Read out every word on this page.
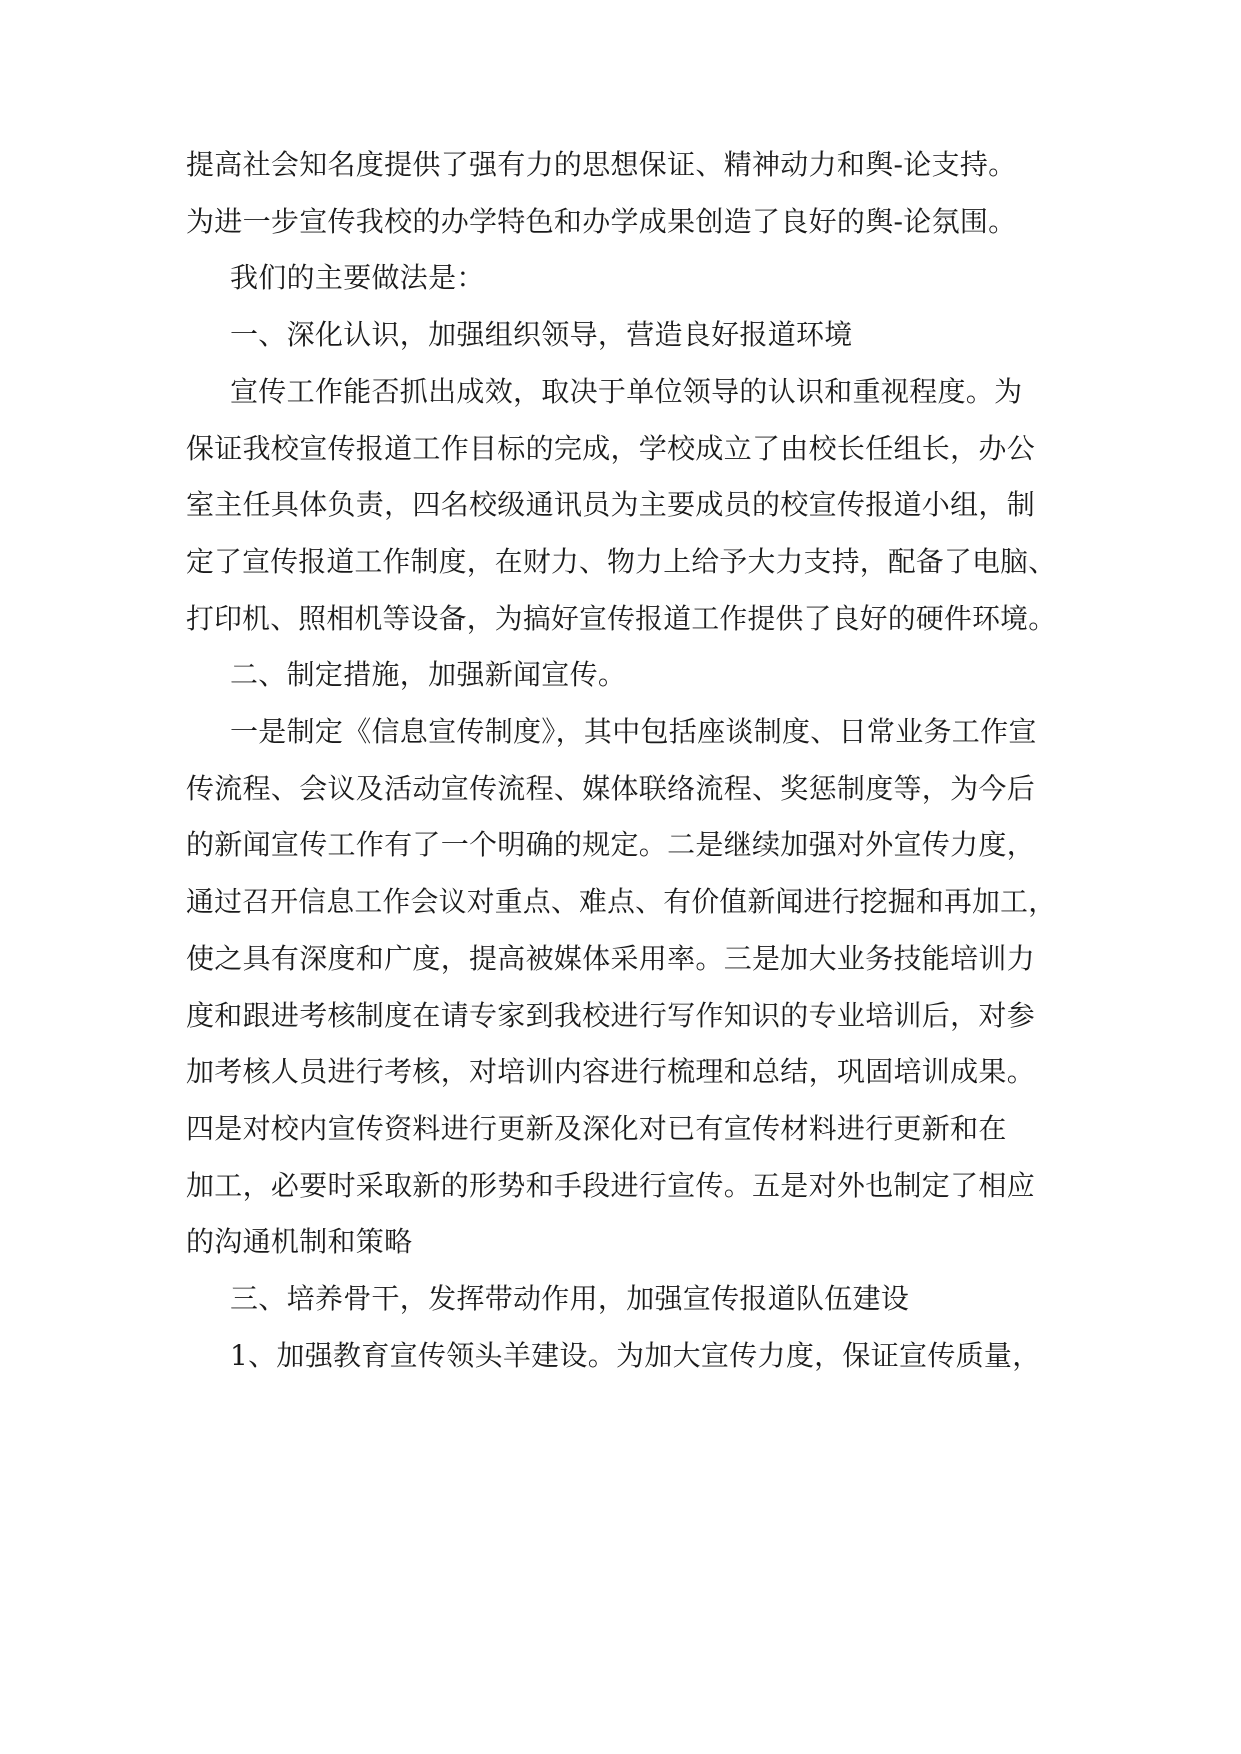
提高社会知名度提供了强有力的思想保证、精神动力和舆-论支持。
为进一步宣传我校的办学特色和办学成果创造了良好的舆-论氛围。
我们的主要做法是：
一、深化认识，加强组织领导，营造良好报道环境
宣传工作能否抓出成效，取决于单位领导的认识和重视程度。为
保证我校宣传报道工作目标的完成，学校成立了由校长任组长，办公
室主任具体负责，四名校级通讯员为主要成员的校宣传报道小组，制
定了宣传报道工作制度，在财力、物力上给予大力支持，配备了电脑、
打印机、照相机等设备，为搞好宣传报道工作提供了良好的硬件环境。
二、制定措施，加强新闻宣传。
一是制定《信息宣传制度》，其中包括座谈制度、日常业务工作宣
传流程、会议及活动宣传流程、媒体联络流程、奖惩制度等，为今后
的新闻宣传工作有了一个明确的规定。二是继续加强对外宣传力度，
通过召开信息工作会议对重点、难点、有价值新闻进行挖掘和再加工，
使之具有深度和广度，提高被媒体采用率。三是加大业务技能培训力
度和跟进考核制度在请专家到我校进行写作知识的专业培训后，对参
加考核人员进行考核，对培训内容进行梳理和总结，巩固培训成果。
四是对校内宣传资料进行更新及深化对已有宣传材料进行更新和在
加工，必要时采取新的形势和手段进行宣传。五是对外也制定了相应
的沟通机制和策略
三、培养骨干，发挥带动作用，加强宣传报道队伍建设
1、加强教育宣传领头羊建设。为加大宣传力度，保证宣传质量，
